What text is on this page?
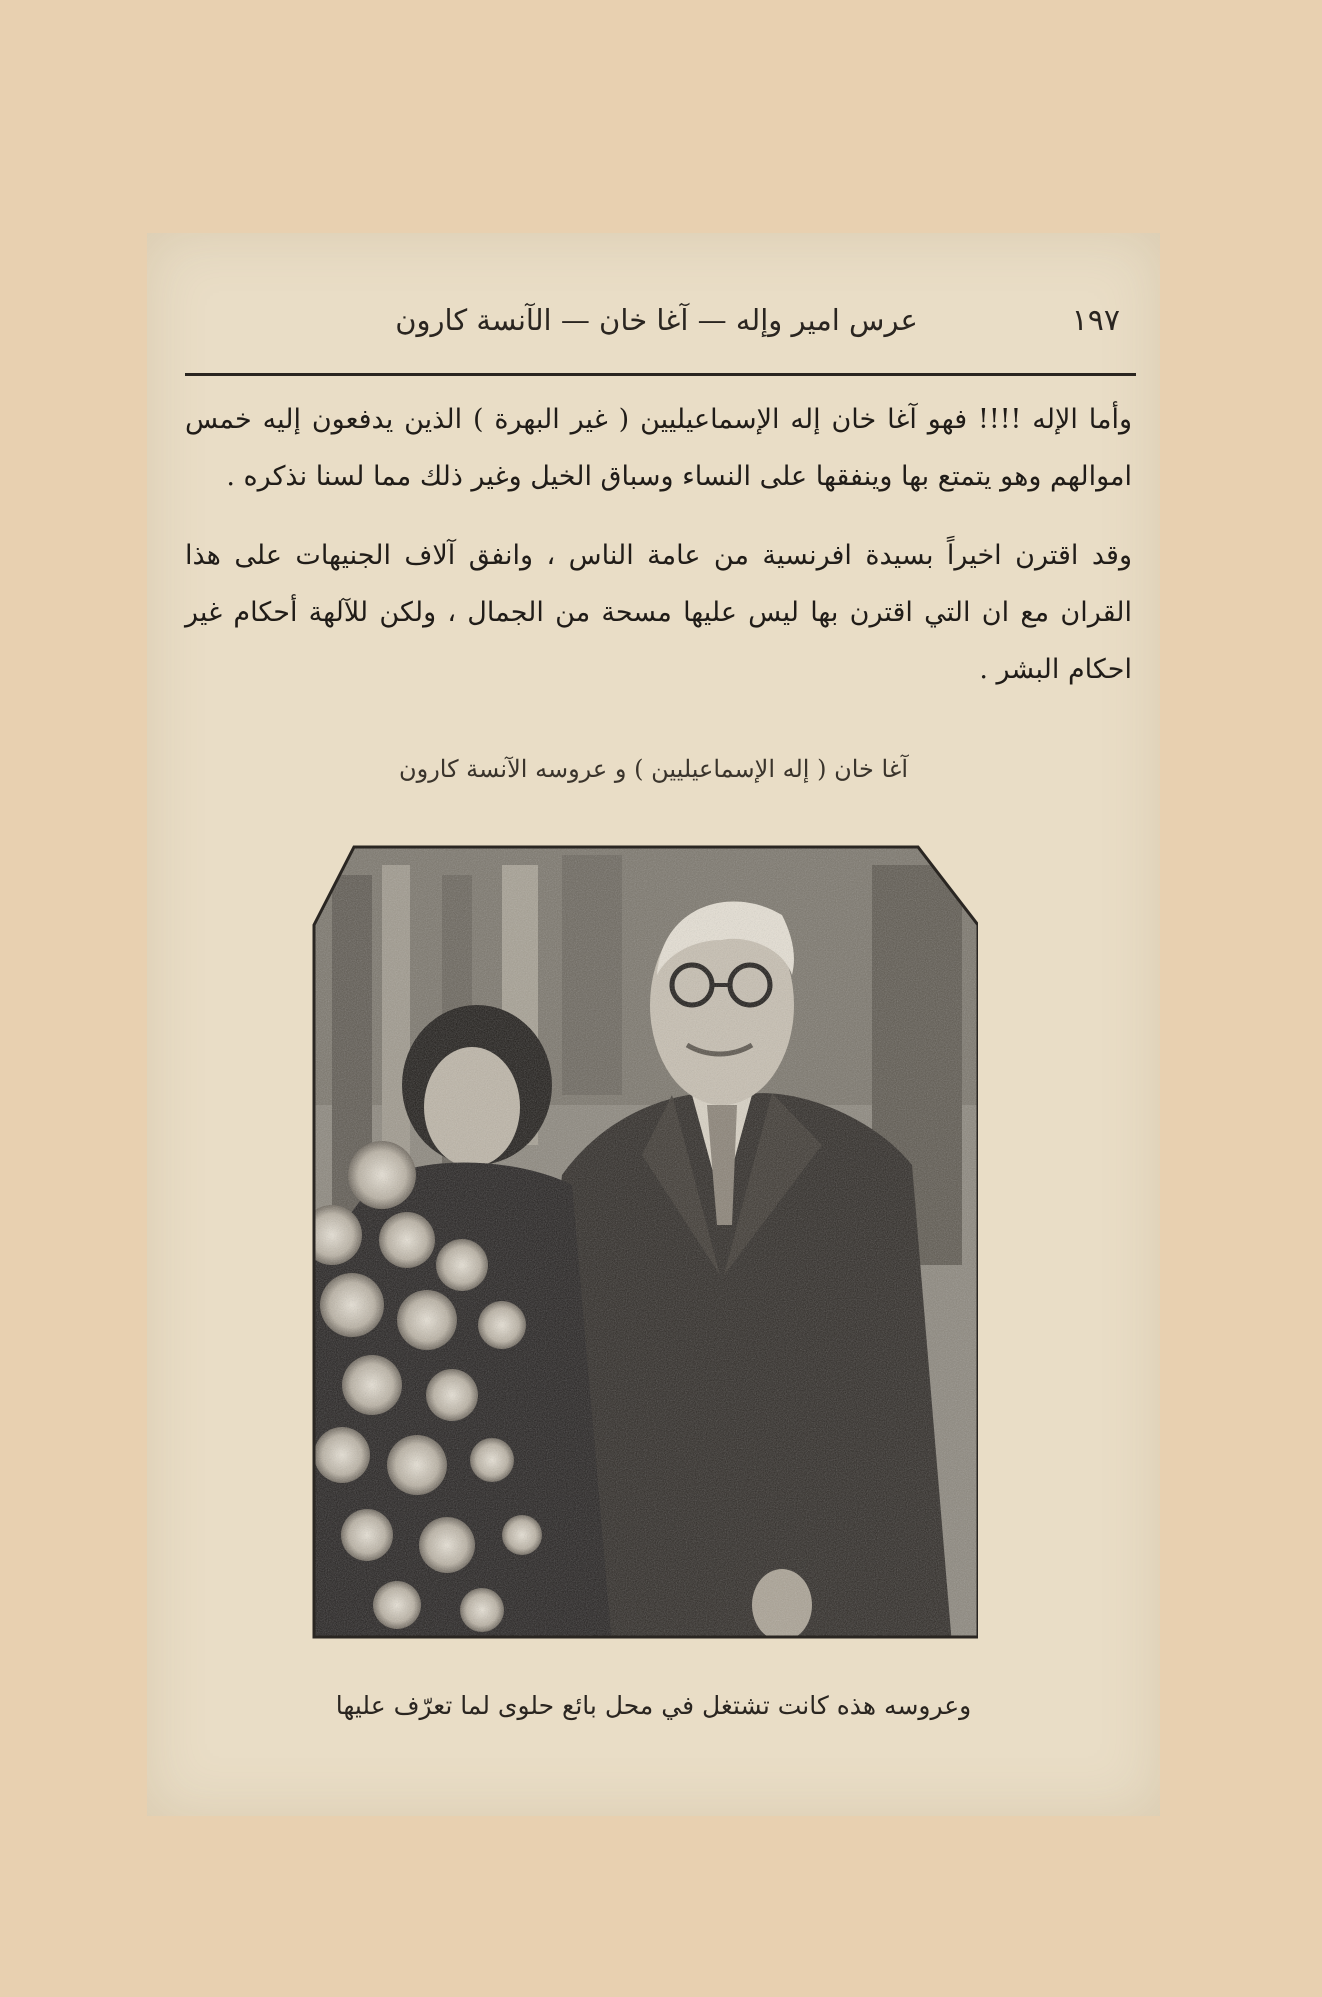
عرس امير وإله — آغا خان — الآنسة كارون	١٩٧

وأما الإله !!!! فهو آغا خان إله الإسماعيليين ( غير البهرة ) الذين يدفعون إليه خمس اموالهم وهو يتمتع بها وينفقها على النساء وسباق الخيل وغير ذلك مما لسنا نذكره .

وقد اقترن اخيراً بسيدة افرنسية من عامة الناس ، وانفق آلاف الجنيهات على هذا القران مع ان التي اقترن بها ليس عليها مسحة من الجمال ، ولكن للآلهة أحكام غير احكام البشر .

آغا خان ( إله الإسماعيليين ) و عروسه الآنسة كارون
وعروسه هذه كانت تشتغل في محل بائع حلوى لما تعرّف عليها
